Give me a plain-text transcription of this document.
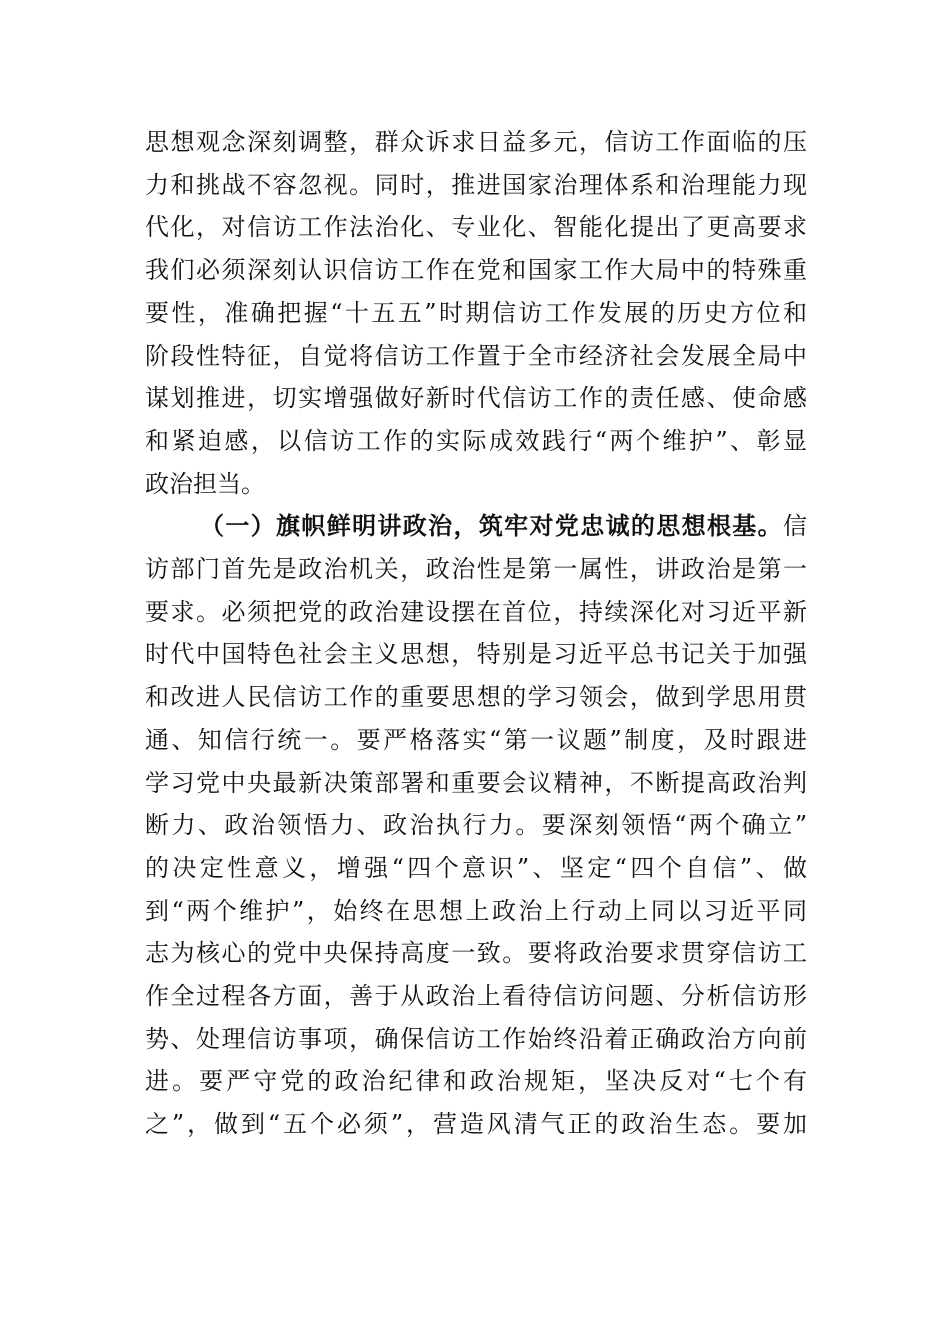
思想观念深刻调整，群众诉求日益多元，信访工作面临的压
力和挑战不容忽视。同时，推进国家治理体系和治理能力现
代化，对信访工作法治化、专业化、智能化提出了更高要求
我们必须深刻认识信访工作在党和国家工作大局中的特殊重
要性，准确把握“十五五”时期信访工作发展的历史方位和
阶段性特征，自觉将信访工作置于全市经济社会发展全局中
谋划推进，切实增强做好新时代信访工作的责任感、使命感
和紧迫感，以信访工作的实际成效践行“两个维护”、彰显
政治担当。
（一）旗帜鲜明讲政治，筑牢对党忠诚的思想根基。信
访部门首先是政治机关，政治性是第一属性，讲政治是第一
要求。必须把党的政治建设摆在首位，持续深化对习近平新
时代中国特色社会主义思想，特别是习近平总书记关于加强
和改进人民信访工作的重要思想的学习领会，做到学思用贯
通、知信行统一。要严格落实“第一议题”制度，及时跟进
学习党中央最新决策部署和重要会议精神，不断提高政治判
断力、政治领悟力、政治执行力。要深刻领悟“两个确立”
的决定性意义，增强“四个意识”、坚定“四个自信”、做
到“两个维护”，始终在思想上政治上行动上同以习近平同
志为核心的党中央保持高度一致。要将政治要求贯穿信访工
作全过程各方面，善于从政治上看待信访问题、分析信访形
势、处理信访事项，确保信访工作始终沿着正确政治方向前
进。要严守党的政治纪律和政治规矩，坚决反对“七个有
之”，做到“五个必须”，营造风清气正的政治生态。要加
